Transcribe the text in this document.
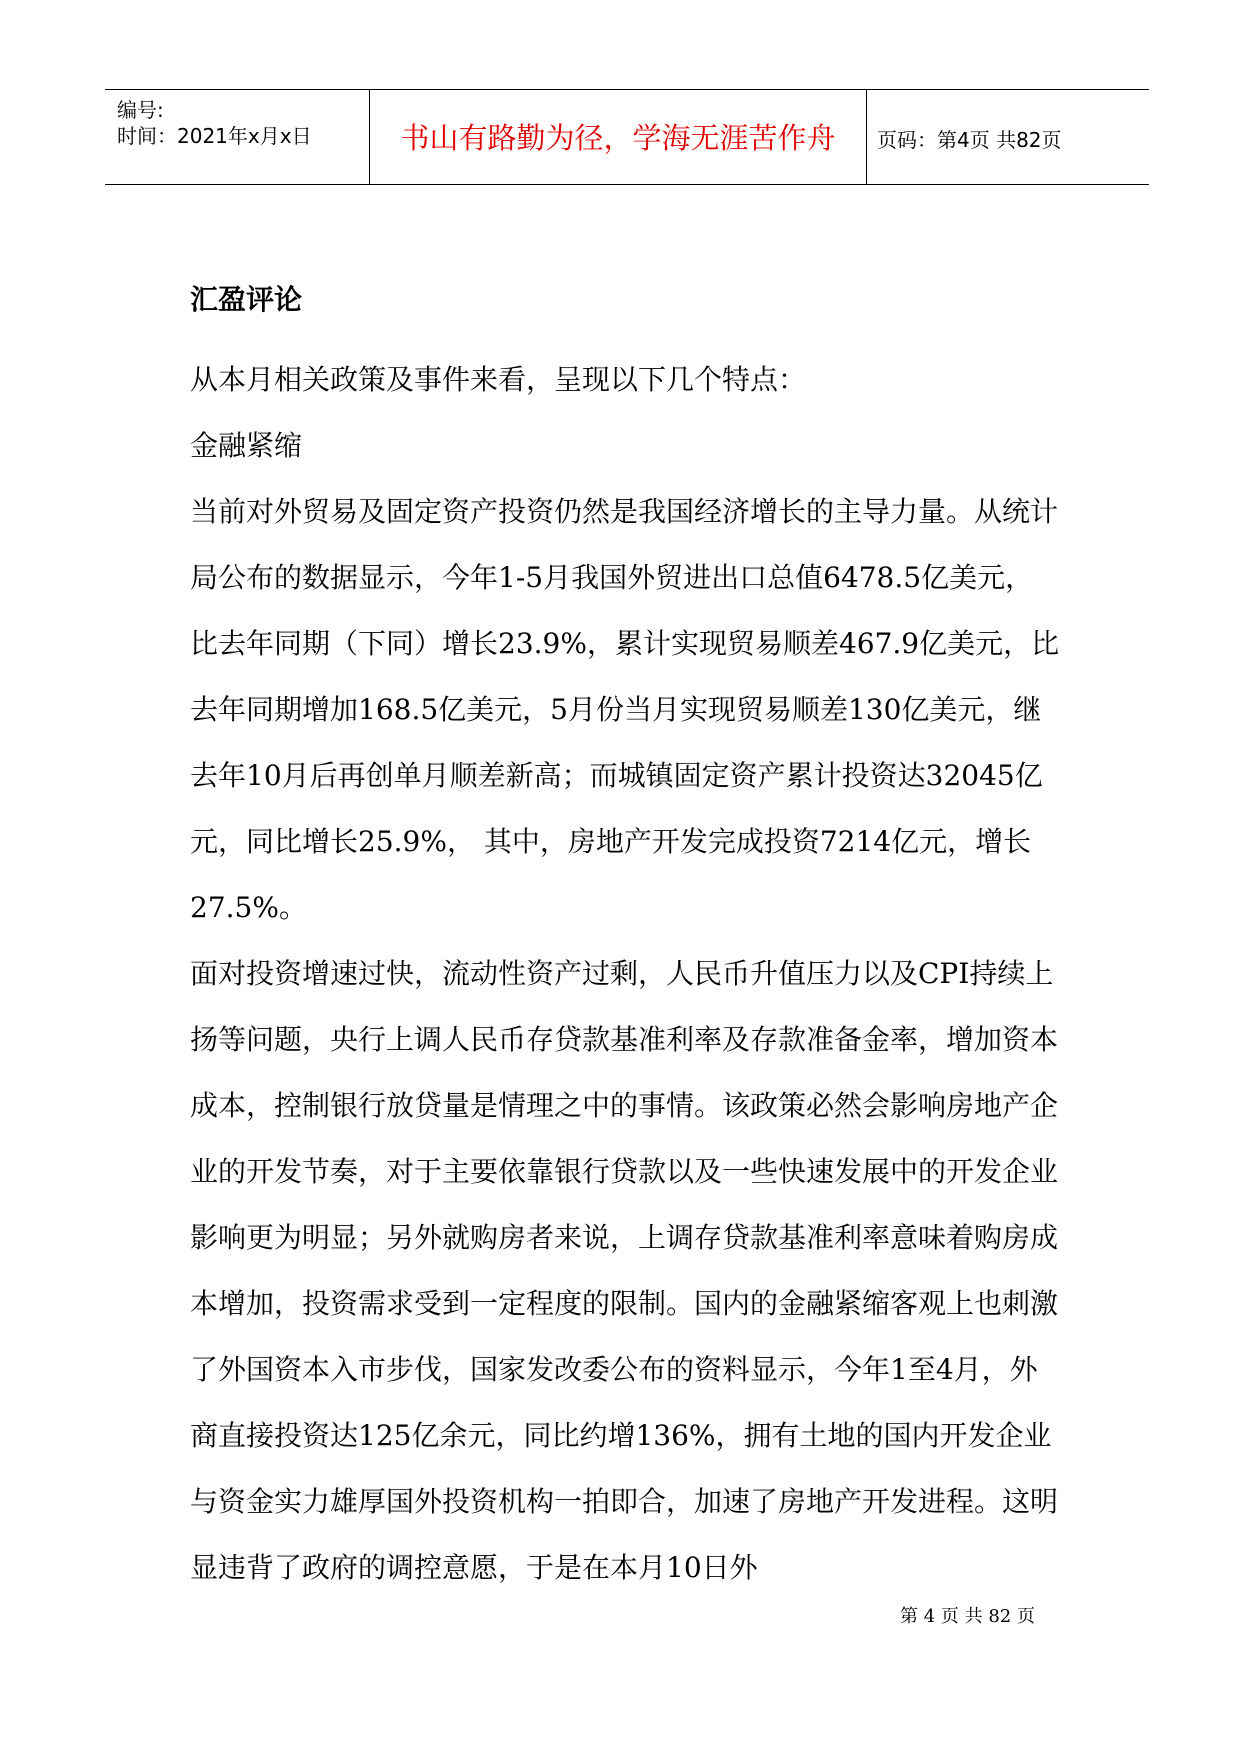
编号:
时间：2021年x月x日	书山有路勤为径，学海无涯苦作舟	页码：第4页 共82页
汇盈评论

从本月相关政策及事件来看，呈现以下几个特点：

金融紧缩

当前对外贸易及固定资产投资仍然是我国经济增长的主导力量。从统计局公布的数据显示，今年1-5月我国外贸进出口总值6478.5亿美元，比去年同期（下同）增长23.9%，累计实现贸易顺差467.9亿美元，比去年同期增加168.5亿美元，5月份当月实现贸易顺差130亿美元，继去年10月后再创单月顺差新高；而城镇固定资产累计投资达32045亿元，同比增长25.9%， 其中，房地产开发完成投资7214亿元，增长27.5%。

面对投资增速过快，流动性资产过剩，人民币升值压力以及CPI持续上扬等问题，央行上调人民币存贷款基准利率及存款准备金率，增加资本成本，控制银行放贷量是情理之中的事情。该政策必然会影响房地产企业的开发节奏，对于主要依靠银行贷款以及一些快速发展中的开发企业影响更为明显；另外就购房者来说，上调存贷款基准利率意味着购房成本增加，投资需求受到一定程度的限制。国内的金融紧缩客观上也刺激了外国资本入市步伐，国家发改委公布的资料显示，今年1至4月，外商直接投资达125亿余元，同比约增136%，拥有土地的国内开发企业与资金实力雄厚国外投资机构一拍即合，加速了房地产开发进程。这明显违背了政府的调控意愿，于是在本月10日外

第 4 页 共 82 页
